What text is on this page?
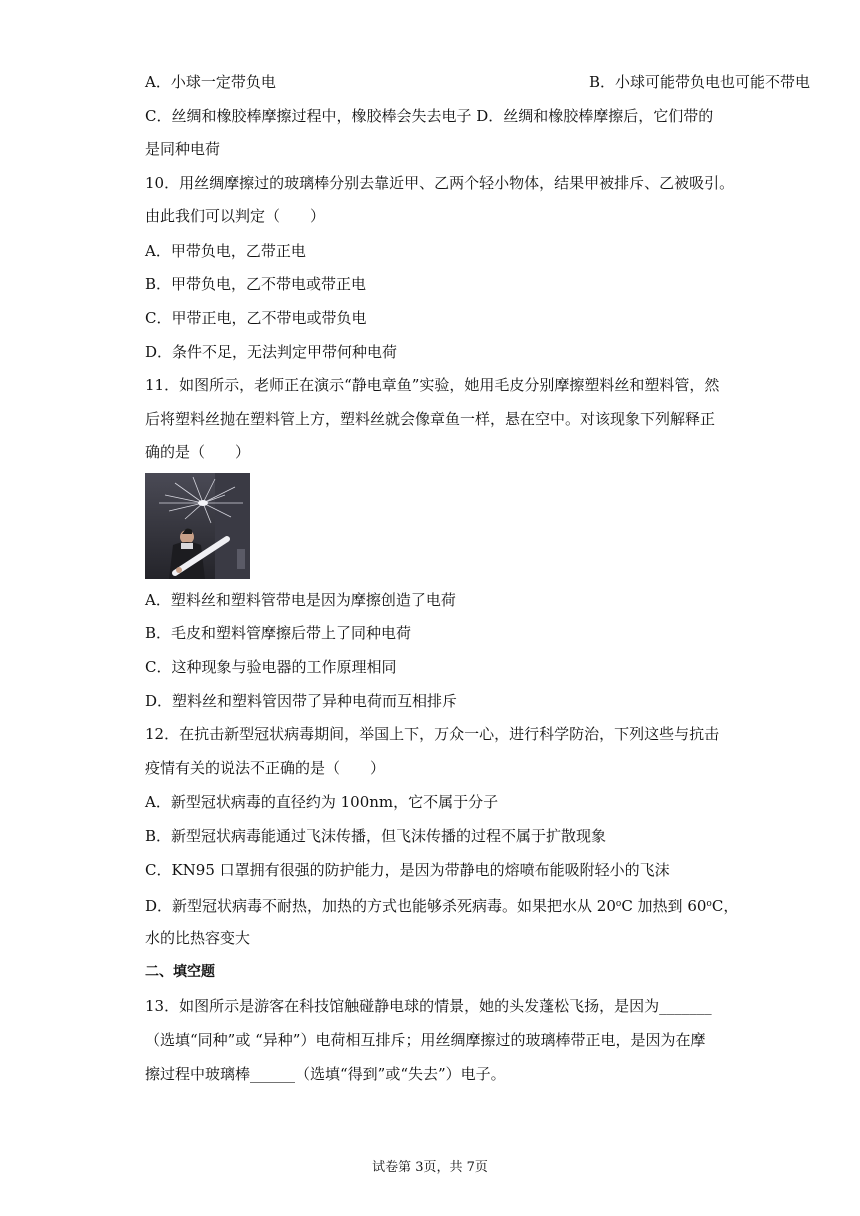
A．小球一定带负电	B．小球可能带负电也可能不带电
C．丝绸和橡胶棒摩擦过程中，橡胶棒会失去电子 D．丝绸和橡胶棒摩擦后，它们带的
是同种电荷
10．用丝绸摩擦过的玻璃棒分别去靠近甲、乙两个轻小物体，结果甲被排斥、乙被吸引。
由此我们可以判定（　　）
A．甲带负电，乙带正电
B．甲带负电，乙不带电或带正电
C．甲带正电，乙不带电或带负电
D．条件不足，无法判定甲带何种电荷
11．如图所示，老师正在演示“静电章鱼”实验，她用毛皮分别摩擦塑料丝和塑料管，然
后将塑料丝抛在塑料管上方，塑料丝就会像章鱼一样，悬在空中。对该现象下列解释正
确的是（　　）
A．塑料丝和塑料管带电是因为摩擦创造了电荷
B．毛皮和塑料管摩擦后带上了同种电荷
C．这种现象与验电器的工作原理相同
D．塑料丝和塑料管因带了异种电荷而互相排斥
12．在抗击新型冠状病毒期间，举国上下，万众一心，进行科学防治，下列这些与抗击
疫情有关的说法不正确的是（　　）
A．新型冠状病毒的直径约为 100nm，它不属于分子
B．新型冠状病毒能通过飞沫传播，但飞沫传播的过程不属于扩散现象
C．KN95 口罩拥有很强的防护能力，是因为带静电的熔喷布能吸附轻小的飞沫
D．新型冠状病毒不耐热，加热的方式也能够杀死病毒。如果把水从 20$^o$C 加热到 60$^o$C，
水的比热容变大
二、填空题
13．如图所示是游客在科技馆触碰静电球的情景，她的头发蓬松飞扬，是因为_______
（选填“同种”或 “异种”）电荷相互排斥；用丝绸摩擦过的玻璃棒带正电，是因为在摩
擦过程中玻璃棒______（选填“得到”或“失去”）电子。
试卷第 3页，共 7页
